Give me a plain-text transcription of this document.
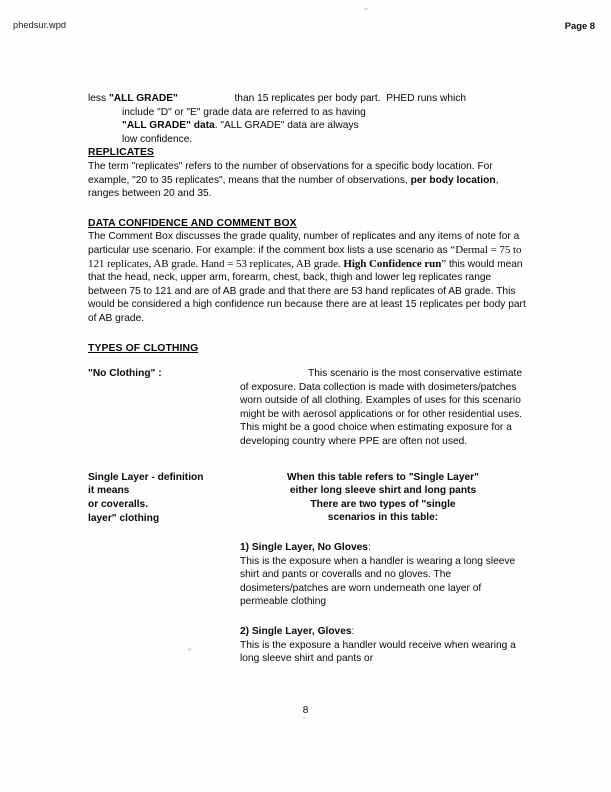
phedsur.wpd	Page 8

less "ALL GRADE"	than 15 replicates per body part.  PHED runs which

include "D" or "E" grade data are referred to as having

"ALL GRADE" data. "ALL GRADE" data are always

low confidence.

REPLICATES

The term "replicates" refers to the number of observations for a specific body location. For example, "20 to 35 replicates", means that the number of observations, per body location, ranges between 20 and 35.

DATA CONFIDENCE AND COMMENT BOX

The Comment Box discusses the grade quality, number of replicates and any items of note for a particular use scenario. For example: if the comment box lists a use scenario as “Dermal = 75 to 121 replicates, AB grade. Hand = 53 replicates, AB grade. High Confidence run” this would mean that the head, neck, upper arm, forearm, chest, back, thigh and lower leg replicates range between 75 to 121 and are of AB grade and that there are 53 hand replicates of AB grade. This would be considered a high confidence run because there are at least 15 replicates per body part of AB grade.

TYPES OF CLOTHING

"No Clothing" :	This scenario is the most conservative estimate of exposure. Data collection is made with dosimeters/patches worn outside of all clothing. Examples of uses for this scenario might be with aerosol applications or for other residential uses. This might be a good choice when estimating exposure for a developing country where PPE are often not used.

Single Layer - definition

it means

or coveralls.

layer" clothing

When this table refers to "Single Layer"

either long sleeve shirt and long pants

There are two types of "single

scenarios in this table:

1) Single Layer, No Gloves:

This is the exposure when a handler is wearing a long sleeve shirt and pants or coveralls and no gloves. The dosimeters/patches are worn underneath one layer of permeable clothing

2) Single Layer, Gloves:

This is the exposure a handler would receive when wearing a long sleeve shirt and pants or

8
